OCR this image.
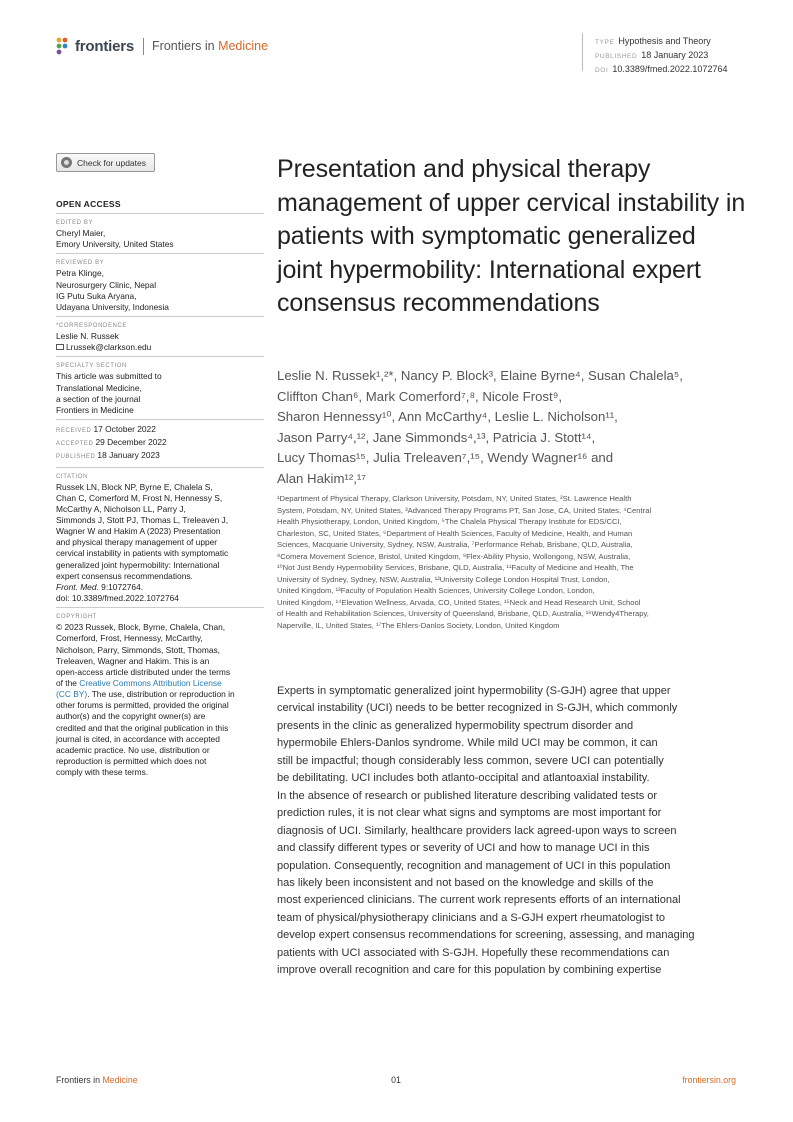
frontiers Frontiers in Medicine	TYPE Hypothesis and Theory
PUBLISHED 18 January 2023
DOI 10.3389/fmed.2022.1072764
Check for updates
OPEN ACCESS
EDITED BY
Cheryl Maier,
Emory University, United States
REVIEWED BY
Petra Klinge,
Neurosurgery Clinic, Nepal
IG Putu Suka Aryana,
Udayana University, Indonesia
*CORRESPONDENCE
Leslie N. Russek
Lrussek@clarkson.edu
SPECIALTY SECTION
This article was submitted to
Translational Medicine,
a section of the journal
Frontiers in Medicine
RECEIVED 17 October 2022
ACCEPTED 29 December 2022
PUBLISHED 18 January 2023
CITATION
Russek LN, Block NP, Byrne E, Chalela S,
Chan C, Comerford M, Frost N, Hennessy S,
McCarthy A, Nicholson LL, Parry J,
Simmonds J, Stott PJ, Thomas L, Treleaven J,
Wagner W and Hakim A (2023) Presentation
and physical therapy management of upper
cervical instability in patients with symptomatic
generalized joint hypermobility: International
expert consensus recommendations.
Front. Med. 9:1072764.
doi: 10.3389/fmed.2022.1072764
COPYRIGHT
© 2023 Russek, Block, Byrne, Chalela, Chan,
Comerford, Frost, Hennessy, McCarthy,
Nicholson, Parry, Simmonds, Stott, Thomas,
Treleaven, Wagner and Hakim. This is an
open-access article distributed under the terms
of the Creative Commons Attribution License
(CC BY). The use, distribution or reproduction in
other forums is permitted, provided the original
author(s) and the copyright owner(s) are
credited and that the original publication in this
journal is cited, in accordance with accepted
academic practice. No use, distribution or
reproduction is permitted which does not
comply with these terms.
Presentation and physical therapy management of upper cervical instability in patients with symptomatic generalized joint hypermobility: International expert consensus recommendations
Leslie N. Russek¹,²*, Nancy P. Block³, Elaine Byrne⁴, Susan Chalela⁵,
Cliffton Chan⁶, Mark Comerford⁷,⁸, Nicole Frost⁹,
Sharon Hennessy¹⁰, Ann McCarthy⁴, Leslie L. Nicholson¹¹,
Jason Parry⁴,¹², Jane Simmonds⁴,¹³, Patricia J. Stott¹⁴,
Lucy Thomas¹⁵, Julia Treleaven⁷,¹⁵, Wendy Wagner¹⁶ and
Alan Hakim¹²,¹⁷
¹Department of Physical Therapy, Clarkson University, Potsdam, NY, United States, ²St. Lawrence Health
System, Potsdam, NY, United States, ³Advanced Therapy Programs PT, San Jose, CA, United States, ⁴Central
Health Physiotherapy, London, United Kingdom, ⁵The Chalela Physical Therapy Institute for EDS/CCI,
Charleston, SC, United States, ⁶Department of Health Sciences, Faculty of Medicine, Health, and Human
Sciences, Macquarie University, Sydney, NSW, Australia, ⁷Performance Rehab, Brisbane, QLD, Australia,
⁸Comera Movement Science, Bristol, United Kingdom, ⁹Flex-Ability Physio, Wollongong, NSW, Australia,
¹⁰Not Just Bendy Hypermobility Services, Brisbane, QLD, Australia, ¹¹Faculty of Medicine and Health, The
University of Sydney, Sydney, NSW, Australia, ¹²University College London Hospital Trust, London,
United Kingdom, ¹³Faculty of Population Health Sciences, University College London, London,
United Kingdom, ¹⁴Elevation Wellness, Arvada, CO, United States, ¹⁵Neck and Head Research Unit, School
of Health and Rehabilitation Sciences, University of Queensland, Brisbane, QLD, Australia, ¹⁶Wendy4Therapy,
Naperville, IL, United States, ¹⁷The Ehlers-Danlos Society, London, United Kingdom
Experts in symptomatic generalized joint hypermobility (S-GJH) agree that upper
cervical instability (UCI) needs to be better recognized in S-GJH, which commonly
presents in the clinic as generalized hypermobility spectrum disorder and
hypermobile Ehlers-Danlos syndrome. While mild UCI may be common, it can
still be impactful; though considerably less common, severe UCI can potentially
be debilitating. UCI includes both atlanto-occipital and atlantoaxial instability.
In the absence of research or published literature describing validated tests or
prediction rules, it is not clear what signs and symptoms are most important for
diagnosis of UCI. Similarly, healthcare providers lack agreed-upon ways to screen
and classify different types or severity of UCI and how to manage UCI in this
population. Consequently, recognition and management of UCI in this population
has likely been inconsistent and not based on the knowledge and skills of the
most experienced clinicians. The current work represents efforts of an international
team of physical/physiotherapy clinicians and a S-GJH expert rheumatologist to
develop expert consensus recommendations for screening, assessing, and managing
patients with UCI associated with S-GJH. Hopefully these recommendations can
improve overall recognition and care for this population by combining expertise
Frontiers in Medicine	01	frontiersin.org
